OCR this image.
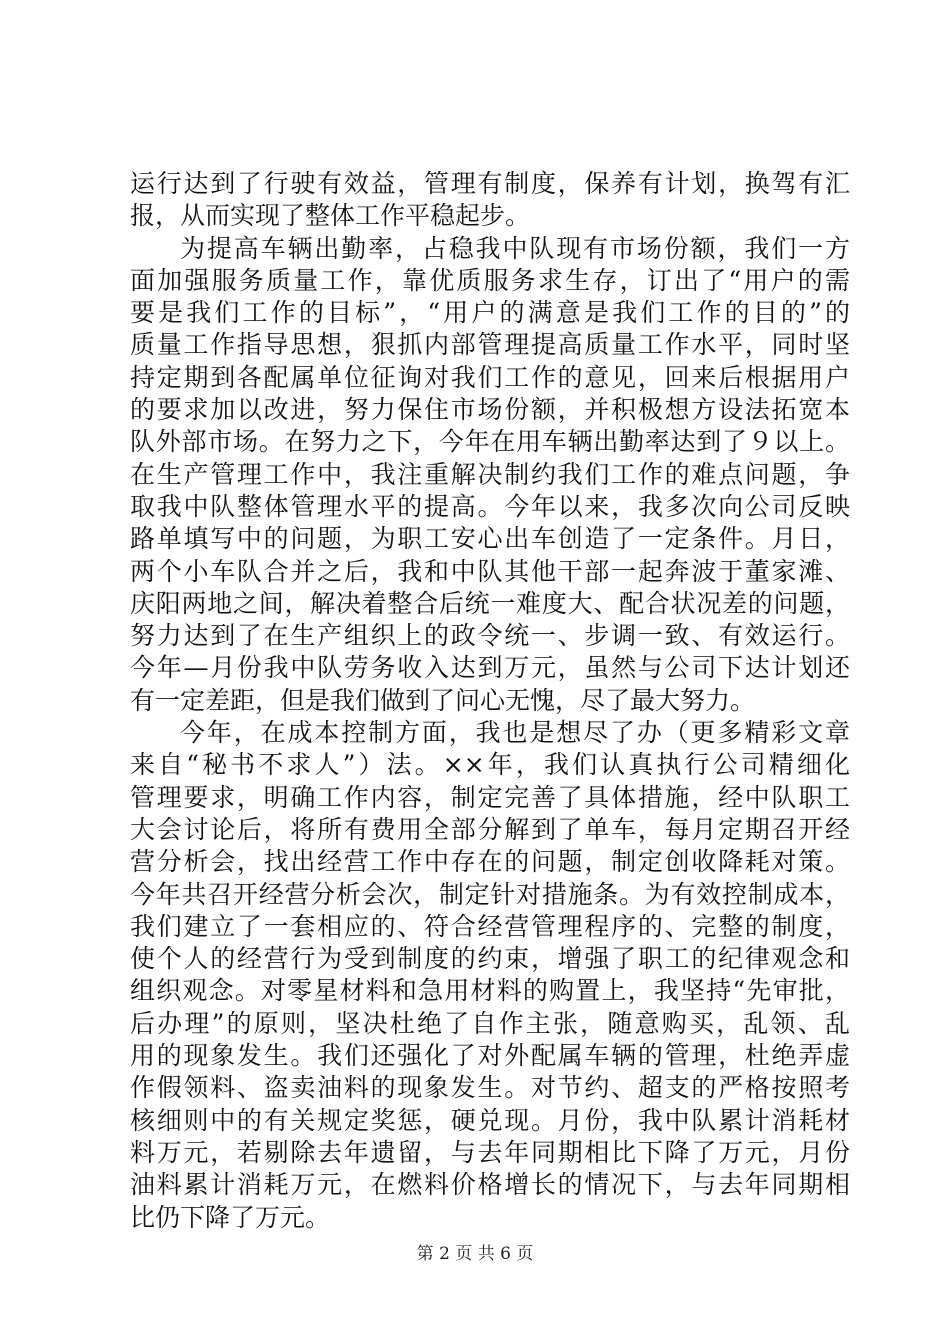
运行达到了行驶有效益，管理有制度，保养有计划，换驾有汇
报，从而实现了整体工作平稳起步。
为提高车辆出勤率，占稳我中队现有市场份额，我们一方
面加强服务质量工作，靠优质服务求生存，订出了“用户的需
要是我们工作的目标”，“用户的满意是我们工作的目的”的
质量工作指导思想，狠抓内部管理提高质量工作水平，同时坚
持定期到各配属单位征询对我们工作的意见，回来后根据用户
的要求加以改进，努力保住市场份额，并积极想方设法拓宽本
队外部市场。在努力之下，今年在用车辆出勤率达到了９以上。
在生产管理工作中，我注重解决制约我们工作的难点问题，争
取我中队整体管理水平的提高。今年以来，我多次向公司反映
路单填写中的问题，为职工安心出车创造了一定条件。月日，
两个小车队合并之后，我和中队其他干部一起奔波于董家滩、
庆阳两地之间，解决着整合后统一难度大、配合状况差的问题，
努力达到了在生产组织上的政令统一、步调一致、有效运行。
今年—月份我中队劳务收入达到万元，虽然与公司下达计划还
有一定差距，但是我们做到了问心无愧，尽了最大努力。
今年，在成本控制方面，我也是想尽了办（更多精彩文章
来自“秘书不求人”）法。××年，我们认真执行公司精细化
管理要求，明确工作内容，制定完善了具体措施，经中队职工
大会讨论后，将所有费用全部分解到了单车，每月定期召开经
营分析会，找出经营工作中存在的问题，制定创收降耗对策。
今年共召开经营分析会次，制定针对措施条。为有效控制成本，
我们建立了一套相应的、符合经营管理程序的、完整的制度，
使个人的经营行为受到制度的约束，增强了职工的纪律观念和
组织观念。对零星材料和急用材料的购置上，我坚持“先审批，
后办理”的原则，坚决杜绝了自作主张，随意购买，乱领、乱
用的现象发生。我们还强化了对外配属车辆的管理，杜绝弄虚
作假领料、盗卖油料的现象发生。对节约、超支的严格按照考
核细则中的有关规定奖惩，硬兑现。月份，我中队累计消耗材
料万元，若剔除去年遗留，与去年同期相比下降了万元，月份
油料累计消耗万元，在燃料价格增长的情况下，与去年同期相
比仍下降了万元。
第 2 页 共 6 页
